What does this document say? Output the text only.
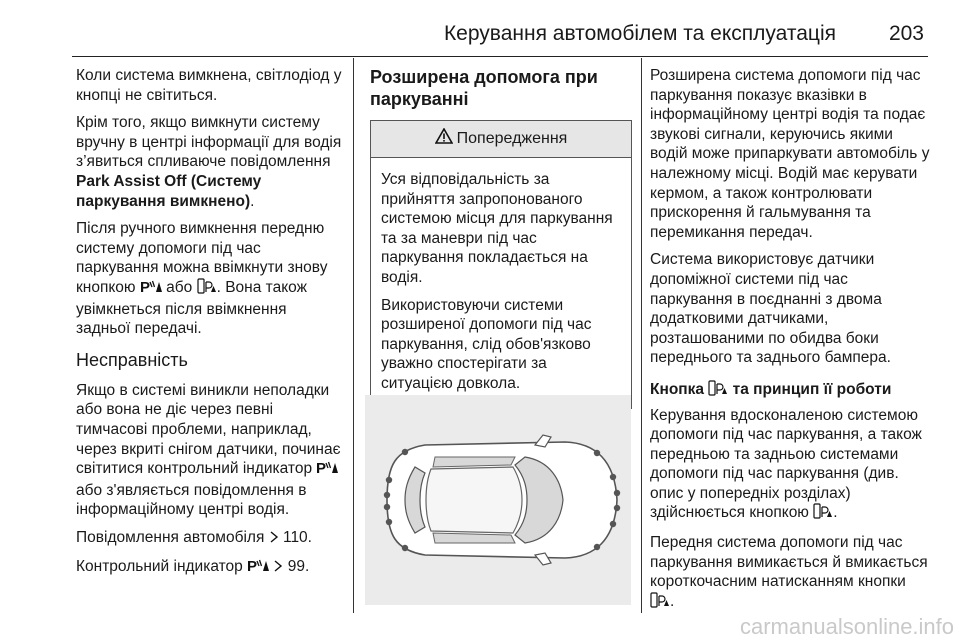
Керування автомобілем та експлуатація	203

Коли система вимкнена, світлодіод у кнопці не світиться.

Крім того, якщо вимкнути систему вручну в центрі інформації для водія з’явиться спливаюче повідомлення Park Assist Off (Систему паркування вимкнено).

Після ручного вимкнення передню систему допомоги під час паркування можна ввімкнути знову кнопкою P або . Вона також увімкнеться після ввімкнення задньої передачі.

Несправність

Якщо в системі виникли неполадки або вона не діє через певні тимчасові проблеми, наприклад, через вкриті снігом датчики, починає світитися контрольний індикатор P
або з'являється повідомлення в інформаційному центрі водія.

Повідомлення автомобіля  110.

Контрольний індикатор P 99.

Розширена допомога при паркуванні
Попередження

Уся відповідальність за прийняття запропонованого системою місця для паркування та за маневри під час паркування покладається на водія.

Використовуючи системи розширеної допомоги під час паркування, слід обов'язково уважно спостерігати за ситуацією довкола.

Розширена система допомоги під час паркування показує вказівки в інформаційному центрі водія та подає звукові сигнали, керуючись якими водій може припаркувати автомобіль у належному місці. Водій має керувати кермом, а також контролювати прискорення й гальмування та перемикання передач.

Система використовує датчики допоміжної системи під час паркування в поєднанні з двома додатковими датчиками, розташованими по обидва боки переднього та заднього бампера.

Кнопка  та принцип її роботи

Керування вдосконаленою системою допомоги під час паркування, а також передньою та задньою системами допомоги під час паркування (див. опис у попередніх розділах) здійснюється кнопкою .

Передня система допомоги під час паркування вимикається й вмикається короткочасним натисканням кнопки .

carmanualsonline.info
